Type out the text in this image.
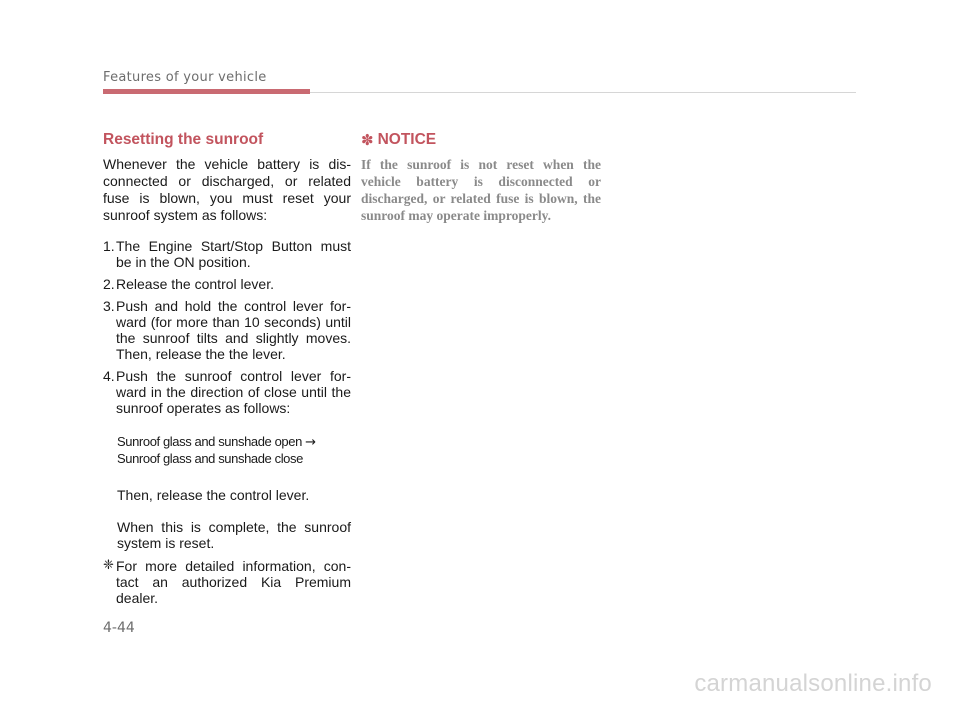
Features of your vehicle
Resetting the sunroof
Whenever the vehicle battery is dis-connected or discharged, or related fuse is blown, you must reset your sunroof system as follows:
1. The Engine Start/Stop Button must be in the ON position.
2. Release the control lever.
3. Push and hold the control lever for-ward (for more than 10 seconds) until the sunroof tilts and slightly moves. Then, release the the lever.
4. Push the sunroof control lever for-ward in the direction of close until the sunroof operates as follows:
Sunroof glass and sunshade open →
Sunroof glass and sunshade close
Then, release the control lever.
When this is complete, the sunroof system is reset.
❈ For more detailed information, con-tact an authorized Kia Premium dealer.
✽ NOTICE

If the sunroof is not reset when the vehicle battery is disconnected or discharged, or related fuse is blown, the sunroof may operate improperly.

4-44
carmanualsonline.info
